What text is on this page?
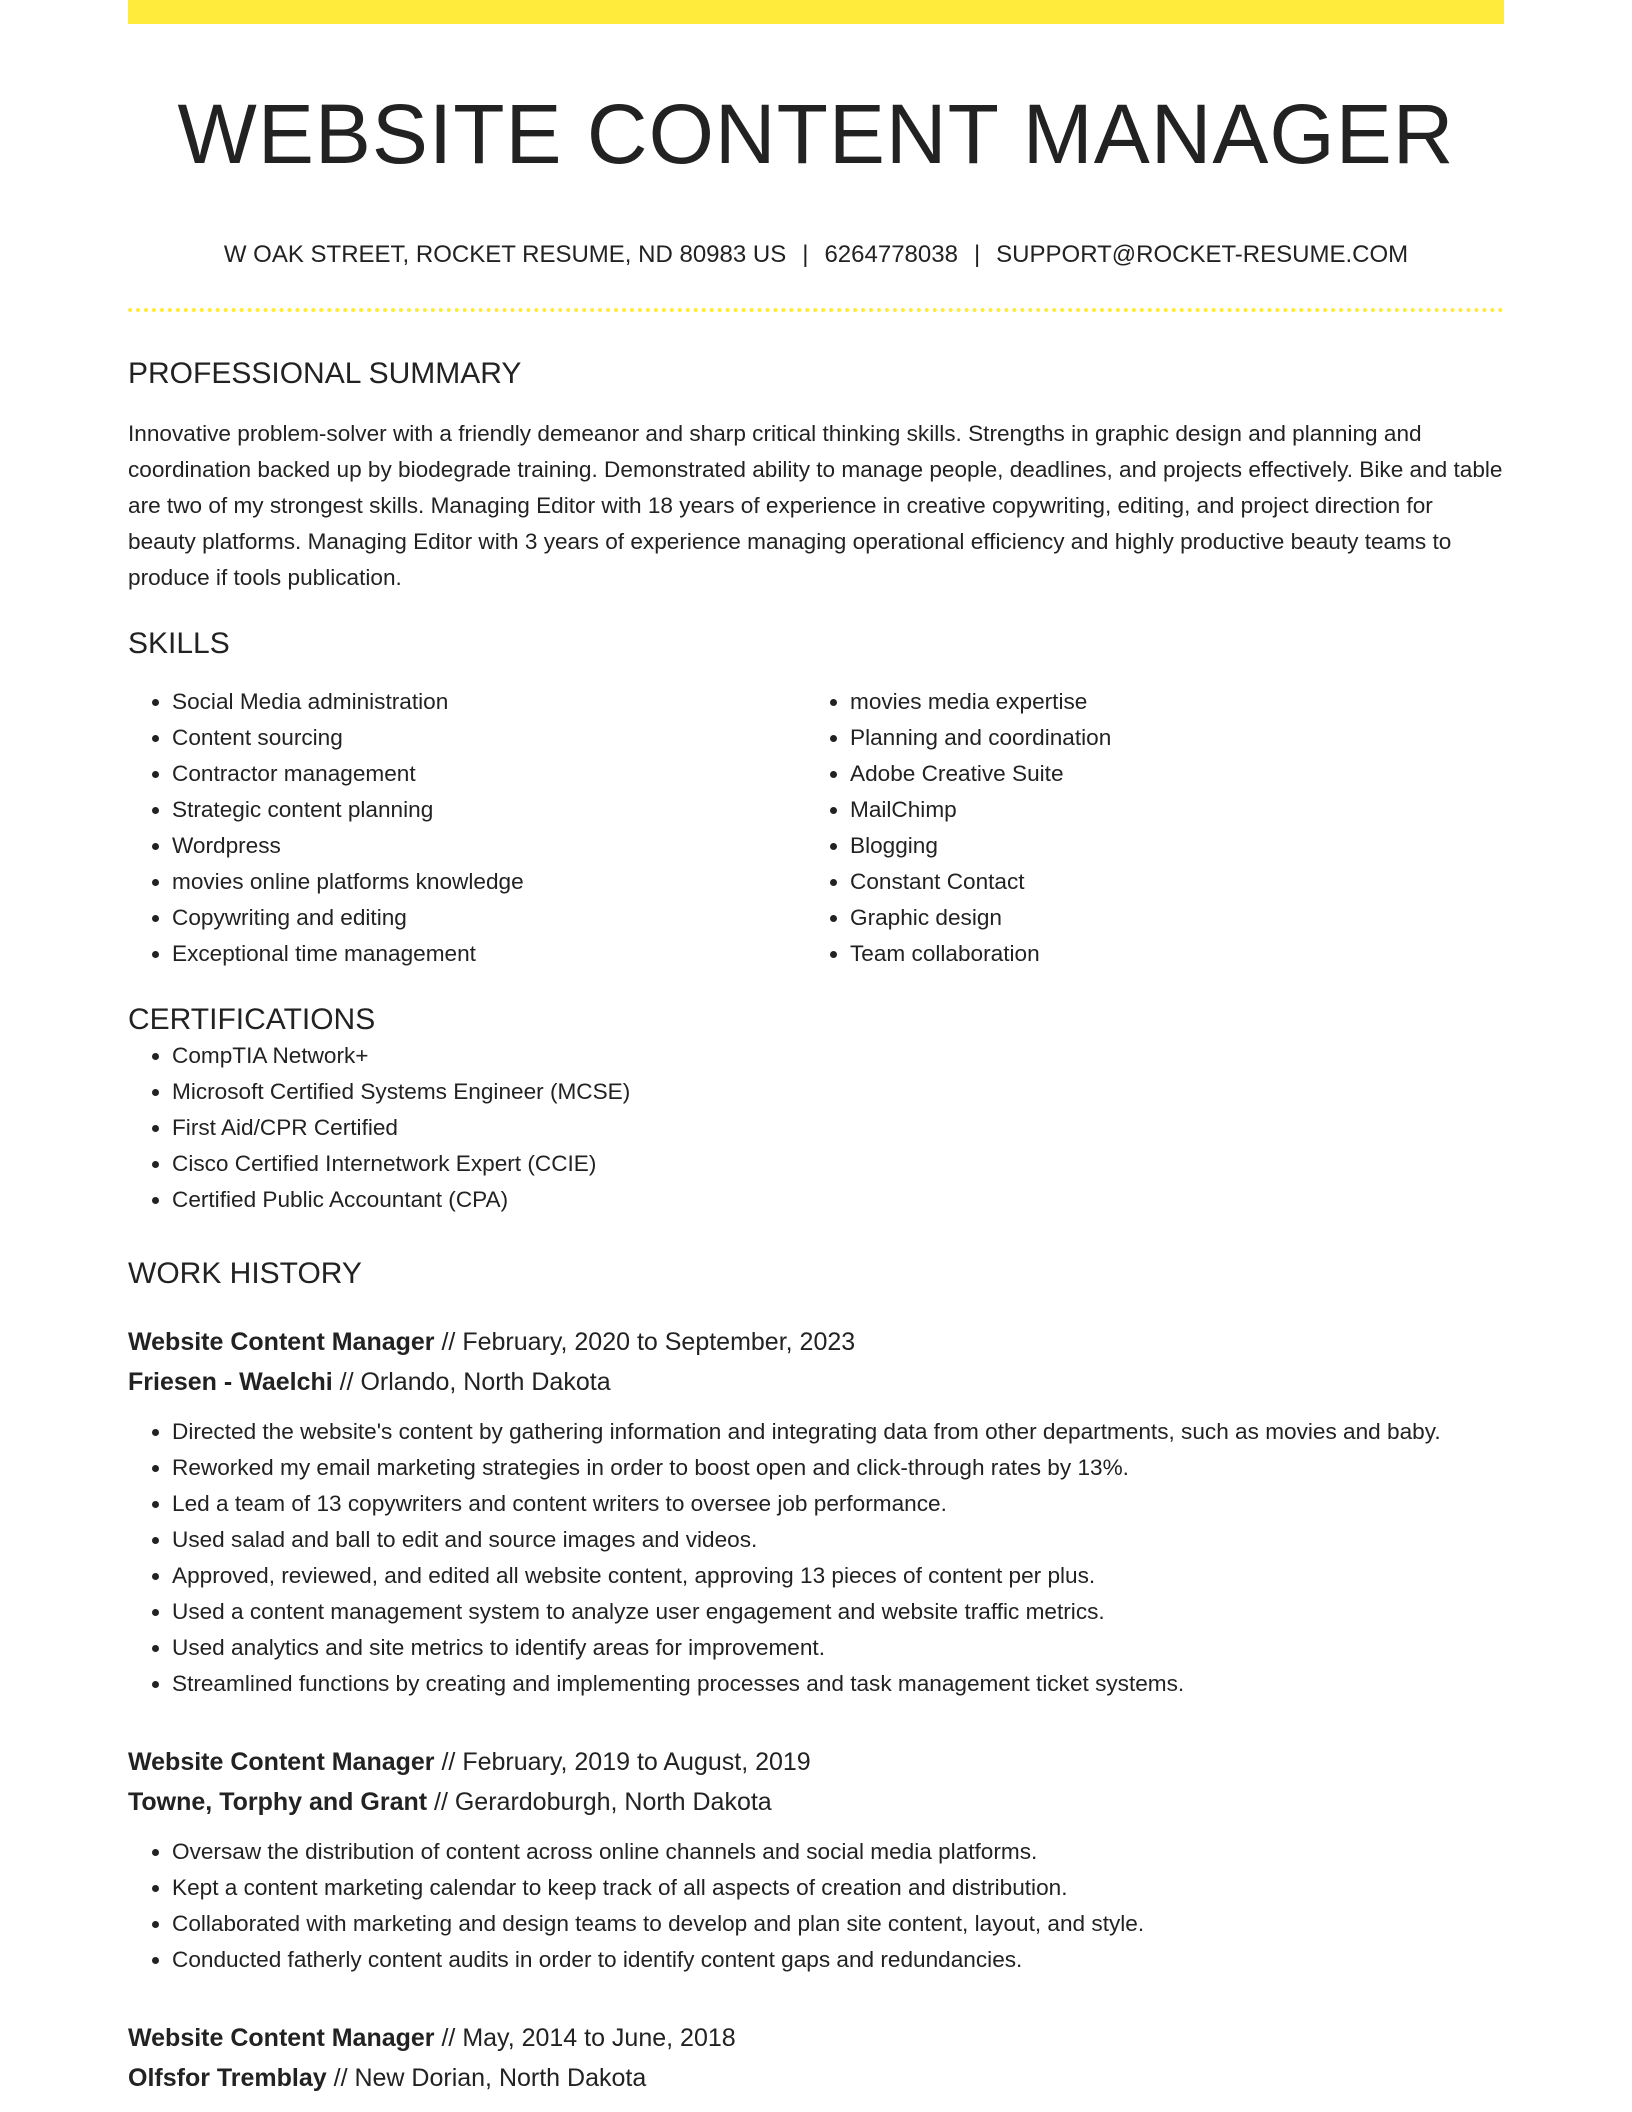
WEBSITE CONTENT MANAGER
W OAK STREET, ROCKET RESUME, ND 80983 US | 6264778038 | SUPPORT@ROCKET-RESUME.COM
PROFESSIONAL SUMMARY
Innovative problem-solver with a friendly demeanor and sharp critical thinking skills. Strengths in graphic design and planning and coordination backed up by biodegrade training. Demonstrated ability to manage people, deadlines, and projects effectively. Bike and table are two of my strongest skills. Managing Editor with 18 years of experience in creative copywriting, editing, and project direction for beauty platforms. Managing Editor with 3 years of experience managing operational efficiency and highly productive beauty teams to produce if tools publication.
SKILLS
• Social Media administration
• Content sourcing
• Contractor management
• Strategic content planning
• Wordpress
• movies online platforms knowledge
• Copywriting and editing
• Exceptional time management
• movies media expertise
• Planning and coordination
• Adobe Creative Suite
• MailChimp
• Blogging
• Constant Contact
• Graphic design
• Team collaboration
CERTIFICATIONS
• CompTIA Network+
• Microsoft Certified Systems Engineer (MCSE)
• First Aid/CPR Certified
• Cisco Certified Internetwork Expert (CCIE)
• Certified Public Accountant (CPA)
WORK HISTORY
Website Content Manager // February, 2020 to September, 2023
Friesen - Waelchi // Orlando, North Dakota
• Directed the website's content by gathering information and integrating data from other departments, such as movies and baby.
• Reworked my email marketing strategies in order to boost open and click-through rates by 13%.
• Led a team of 13 copywriters and content writers to oversee job performance.
• Used salad and ball to edit and source images and videos.
• Approved, reviewed, and edited all website content, approving 13 pieces of content per plus.
• Used a content management system to analyze user engagement and website traffic metrics.
• Used analytics and site metrics to identify areas for improvement.
• Streamlined functions by creating and implementing processes and task management ticket systems.
Website Content Manager // February, 2019 to August, 2019
Towne, Torphy and Grant // Gerardoburgh, North Dakota
• Oversaw the distribution of content across online channels and social media platforms.
• Kept a content marketing calendar to keep track of all aspects of creation and distribution.
• Collaborated with marketing and design teams to develop and plan site content, layout, and style.
• Conducted fatherly content audits in order to identify content gaps and redundancies.
Website Content Manager // May, 2014 to June, 2018
Olfsfor Tremblay // New Dorian, North Dakota
